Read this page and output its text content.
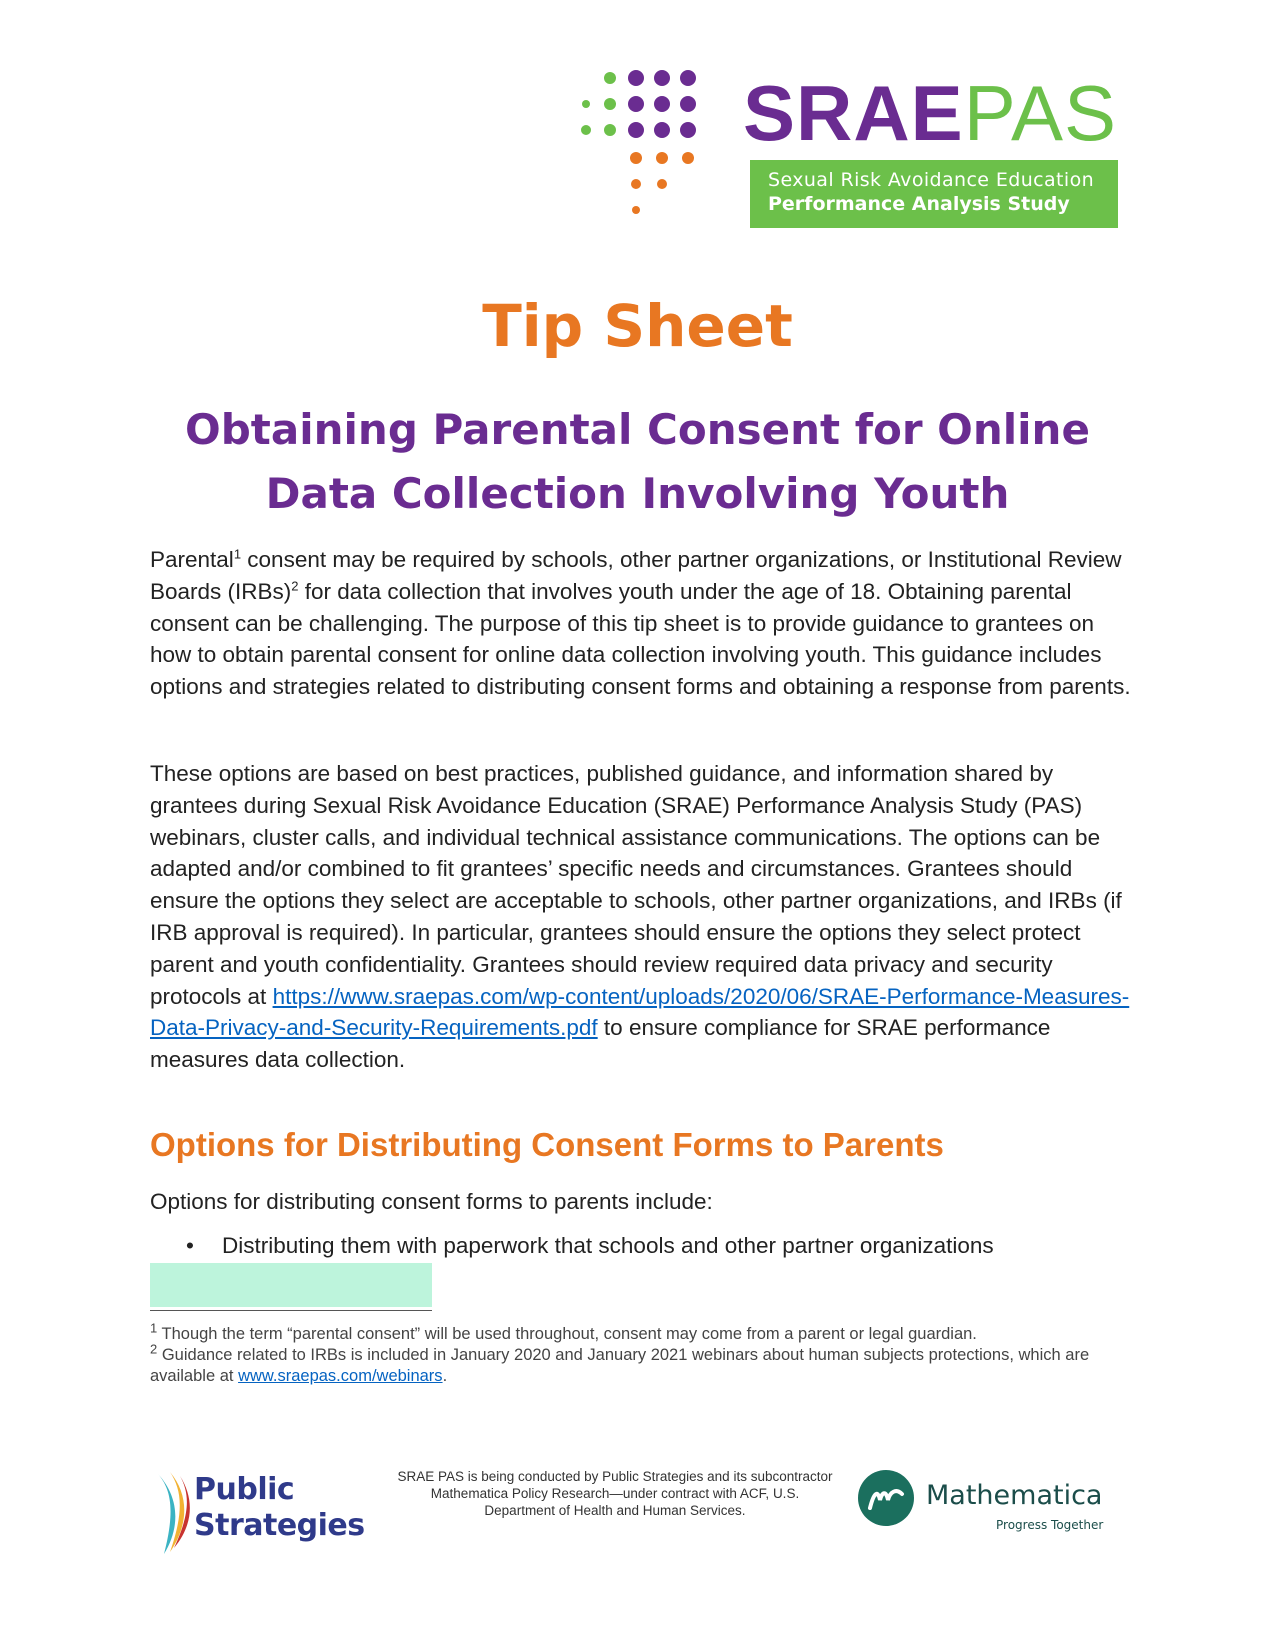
SRAEPAS
Sexual Risk Avoidance Education
Performance Analysis Study
Tip Sheet
Obtaining Parental Consent for Online
Data Collection Involving Youth

Parental$^1$ consent may be required by schools, other partner organizations, or Institutional Review Boards (IRBs)$^2$ for data collection that involves youth under the age of 18. Obtaining parental consent can be challenging. The purpose of this tip sheet is to provide guidance to grantees on how to obtain parental consent for online data collection involving youth. This guidance includes options and strategies related to distributing consent forms and obtaining a response from parents.

These options are based on best practices, published guidance, and information shared by grantees during Sexual Risk Avoidance Education (SRAE) Performance Analysis Study (PAS) webinars, cluster calls, and individual technical assistance communications. The options can be adapted and/or combined to fit grantees’ specific needs and circumstances. Grantees should ensure the options they select are acceptable to schools, other partner organizations, and IRBs (if IRB approval is required). In particular, grantees should ensure the options they select protect parent and youth confidentiality. Grantees should review required data privacy and security protocols at https://www.sraepas.com/wp-content/uploads/2020/06/SRAE-Performance-Measures-Data-Privacy-and-Security-Requirements.pdf to ensure compliance for SRAE performance measures data collection.

Options for Distributing Consent Forms to Parents

Options for distributing consent forms to parents include:

• Distributing them with paperwork that schools and other partner organizations

$^1$ Though the term “parental consent” will be used throughout, consent may come from a parent or legal guardian.

$^2$ Guidance related to IRBs is included in January 2020 and January 2021 webinars about human subjects protections, which are available at www.sraepas.com/webinars.

Public
Strategies

SRAE PAS is being conducted by Public Strategies and its subcontractor Mathematica Policy Research—under contract with ACF, U.S. Department of Health and Human Services.	Mathematica
Progress Together
